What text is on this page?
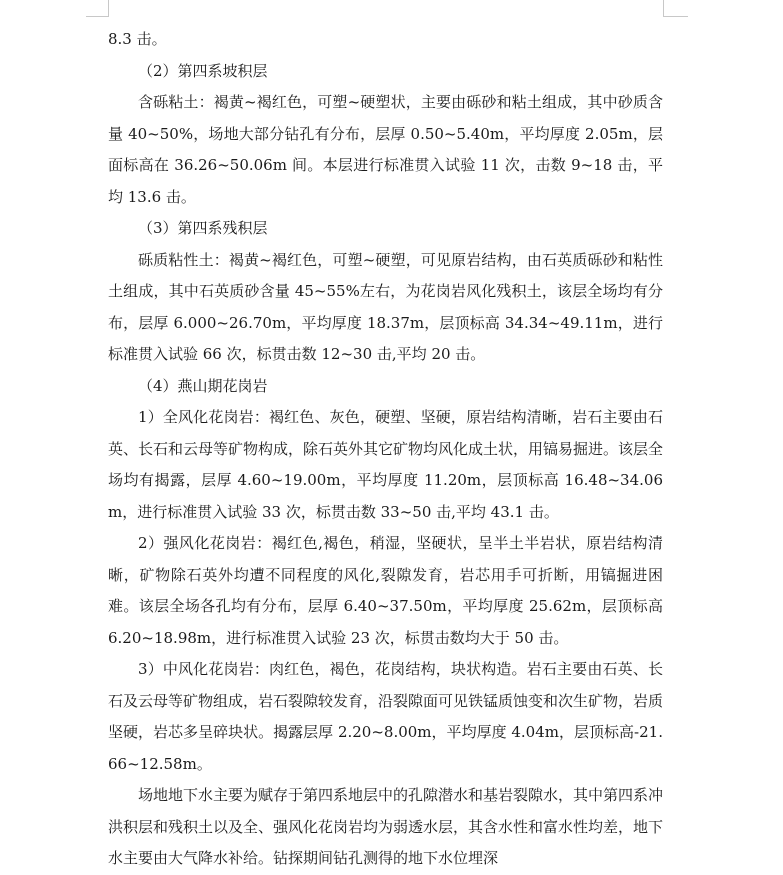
8.3 击。

（2）第四系坡积层

含砾粘土：褐黄~褐红色，可塑~硬塑状，主要由砾砂和粘土组成，其中砂质含量 40~50%，场地大部分钻孔有分布，层厚 0.50~5.40m，平均厚度 2.05m，层面标高在 36.26~50.06m 间。本层进行标准贯入试验 11 次，击数 9~18 击，平均 13.6 击。

（3）第四系残积层

砾质粘性土：褐黄~褐红色，可塑~硬塑，可见原岩结构，由石英质砾砂和粘性土组成，其中石英质砂含量 45~55%左右，为花岗岩风化残积土，该层全场均有分布，层厚 6.000~26.70m，平均厚度 18.37m，层顶标高 34.34~49.11m，进行标准贯入试验 66 次，标贯击数 12~30 击,平均 20 击。

（4）燕山期花岗岩

1）全风化花岗岩：褐红色、灰色，硬塑、坚硬，原岩结构清晰，岩石主要由石英、长石和云母等矿物构成，除石英外其它矿物均风化成土状，用镐易掘进。该层全场均有揭露，层厚 4.60~19.00m，平均厚度 11.20m，层顶标高 16.48~34.06m，进行标准贯入试验 33 次，标贯击数 33~50 击,平均 43.1 击。

2）强风化花岗岩：褐红色,褐色，稍湿，坚硬状，呈半土半岩状，原岩结构清晰，矿物除石英外均遭不同程度的风化,裂隙发育，岩芯用手可折断，用镐掘进困难。该层全场各孔均有分布，层厚 6.40~37.50m，平均厚度 25.62m，层顶标高 6.20~18.98m，进行标准贯入试验 23 次，标贯击数均大于 50 击。

3）中风化花岗岩：肉红色，褐色，花岗结构，块状构造。岩石主要由石英、长石及云母等矿物组成，岩石裂隙较发育，沿裂隙面可见铁锰质蚀变和次生矿物，岩质坚硬，岩芯多呈碎块状。揭露层厚 2.20~8.00m，平均厚度 4.04m，层顶标高-21.66~12.58m。

场地地下水主要为赋存于第四系地层中的孔隙潜水和基岩裂隙水，其中第四系冲洪积层和残积土以及全、强风化花岗岩均为弱透水层，其含水性和富水性均差，地下水主要由大气降水补给。钻探期间钻孔测得的地下水位埋深
